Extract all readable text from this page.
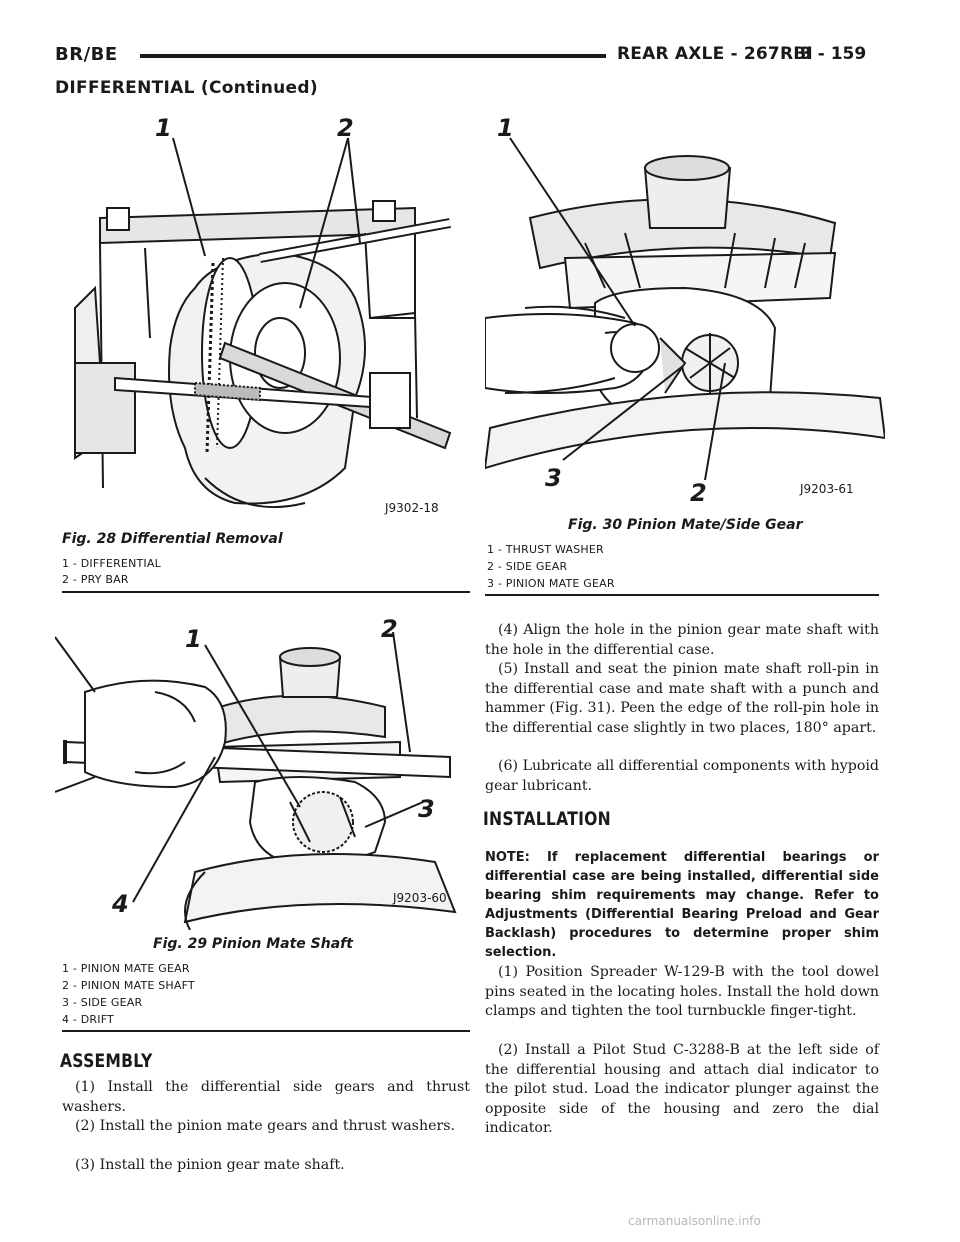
BR/BE	REAR AXLE - 267RBI
3 - 159
DIFFERENTIAL (Continued)
1	2
J9302-18
Fig. 28 Differential Removal
1 - DIFFERENTIAL
2 - PRY BAR
1
3
2	J9203-61
Fig. 30 Pinion Mate/Side Gear
1 - THRUST WASHER
2 - SIDE GEAR
3 - PINION MATE GEAR
1	2
3
4	J9203-60
Fig. 29 Pinion Mate Shaft
1 - PINION MATE GEAR
2 - PINION MATE SHAFT
3 - SIDE GEAR
4 - DRIFT
ASSEMBLY
(1) Install the differential side gears and thrust washers.
(2) Install the pinion mate gears and thrust washers.
(3) Install the pinion gear mate shaft.
(4) Align the hole in the pinion gear mate shaft with the hole in the differential case.
(5) Install and seat the pinion mate shaft roll-pin in the differential case and mate shaft with a punch and hammer (Fig. 31). Peen the edge of the roll-pin hole in the differential case slightly in two places, 180° apart.
(6) Lubricate all differential components with hypoid gear lubricant.
INSTALLATION
NOTE: If replacement differential bearings or differential case are being installed, differential side bearing shim requirements may change. Refer to Adjustments (Differential Bearing Preload and Gear Backlash) procedures to determine proper shim selection.
(1) Position Spreader W-129-B with the tool dowel pins seated in the locating holes. Install the hold down clamps and tighten the tool turnbuckle finger-tight.
(2) Install a Pilot Stud C-3288-B at the left side of the differential housing and attach dial indicator to the pilot stud. Load the indicator plunger against the opposite side of the housing and zero the dial indicator.
carmanualsonline.info
